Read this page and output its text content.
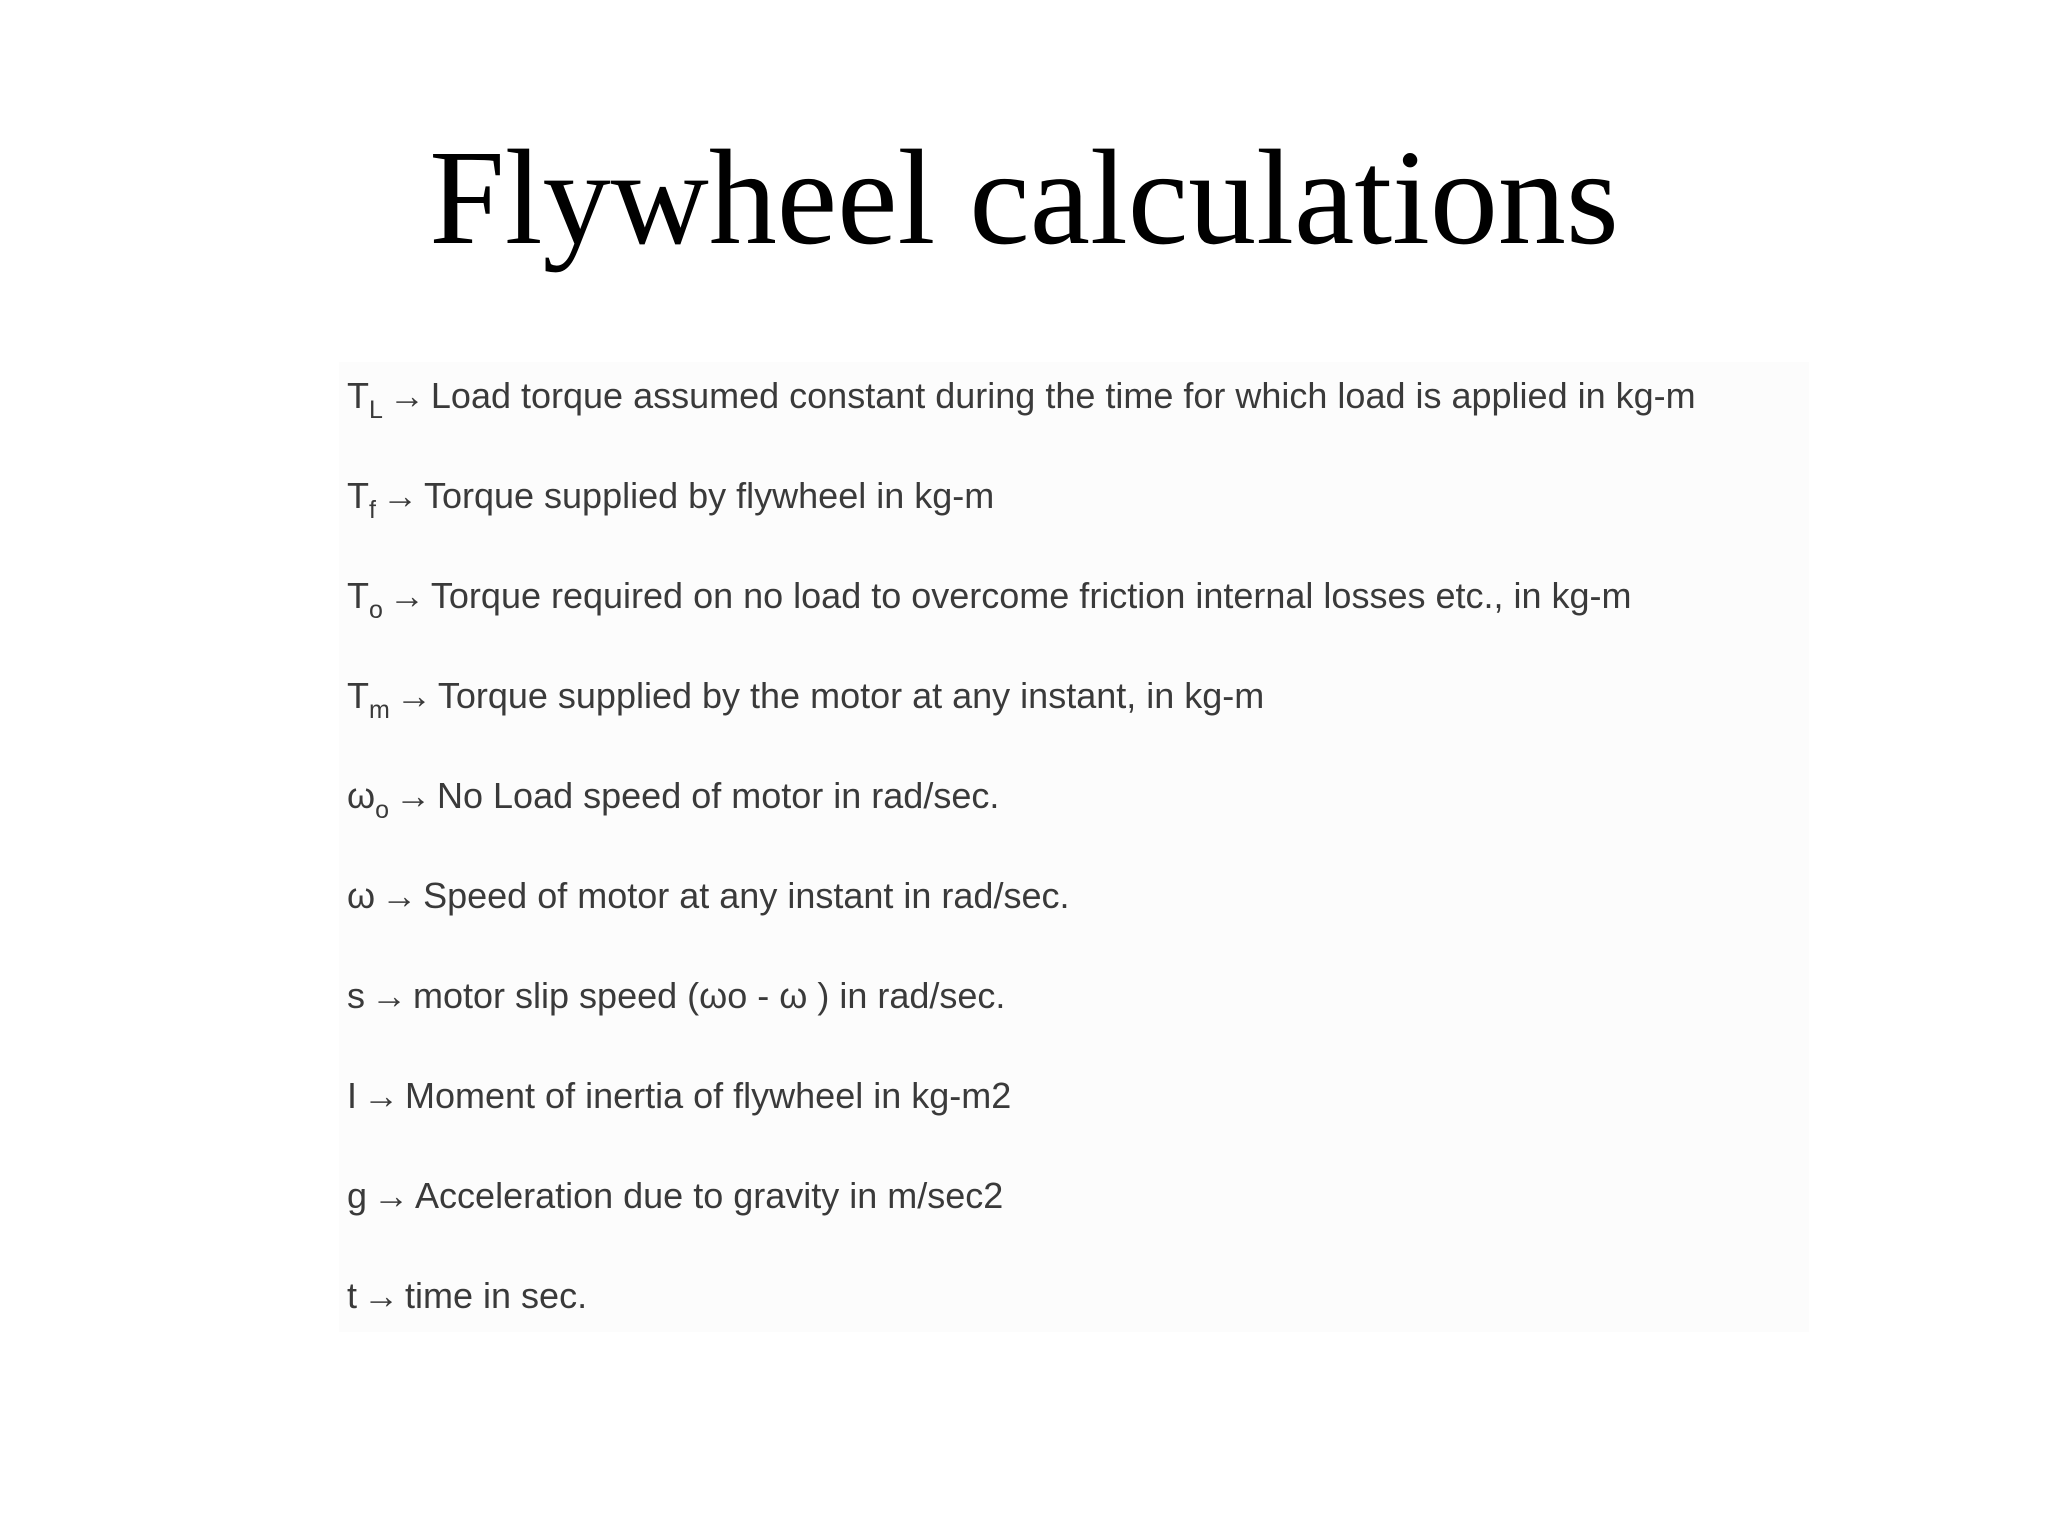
Flywheel calculations
$T_L$ → Load torque assumed constant during the time for which load is applied in kg-m
$T_f$ → Torque supplied by flywheel in kg-m
$T_o$ → Torque required on no load to overcome friction internal losses etc., in kg-m
$T_m$ → Torque supplied by the motor at any instant, in kg-m
$\omega_o \to No$ Load speed of motor in rad/sec.
ω → Speed of motor at any instant in rad/sec.
s → motor slip speed (ωo - ω ) in rad/sec.
I → Moment of inertia of flywheel in kg-m2
g → Acceleration due to gravity in m/sec2
t → time in sec.
